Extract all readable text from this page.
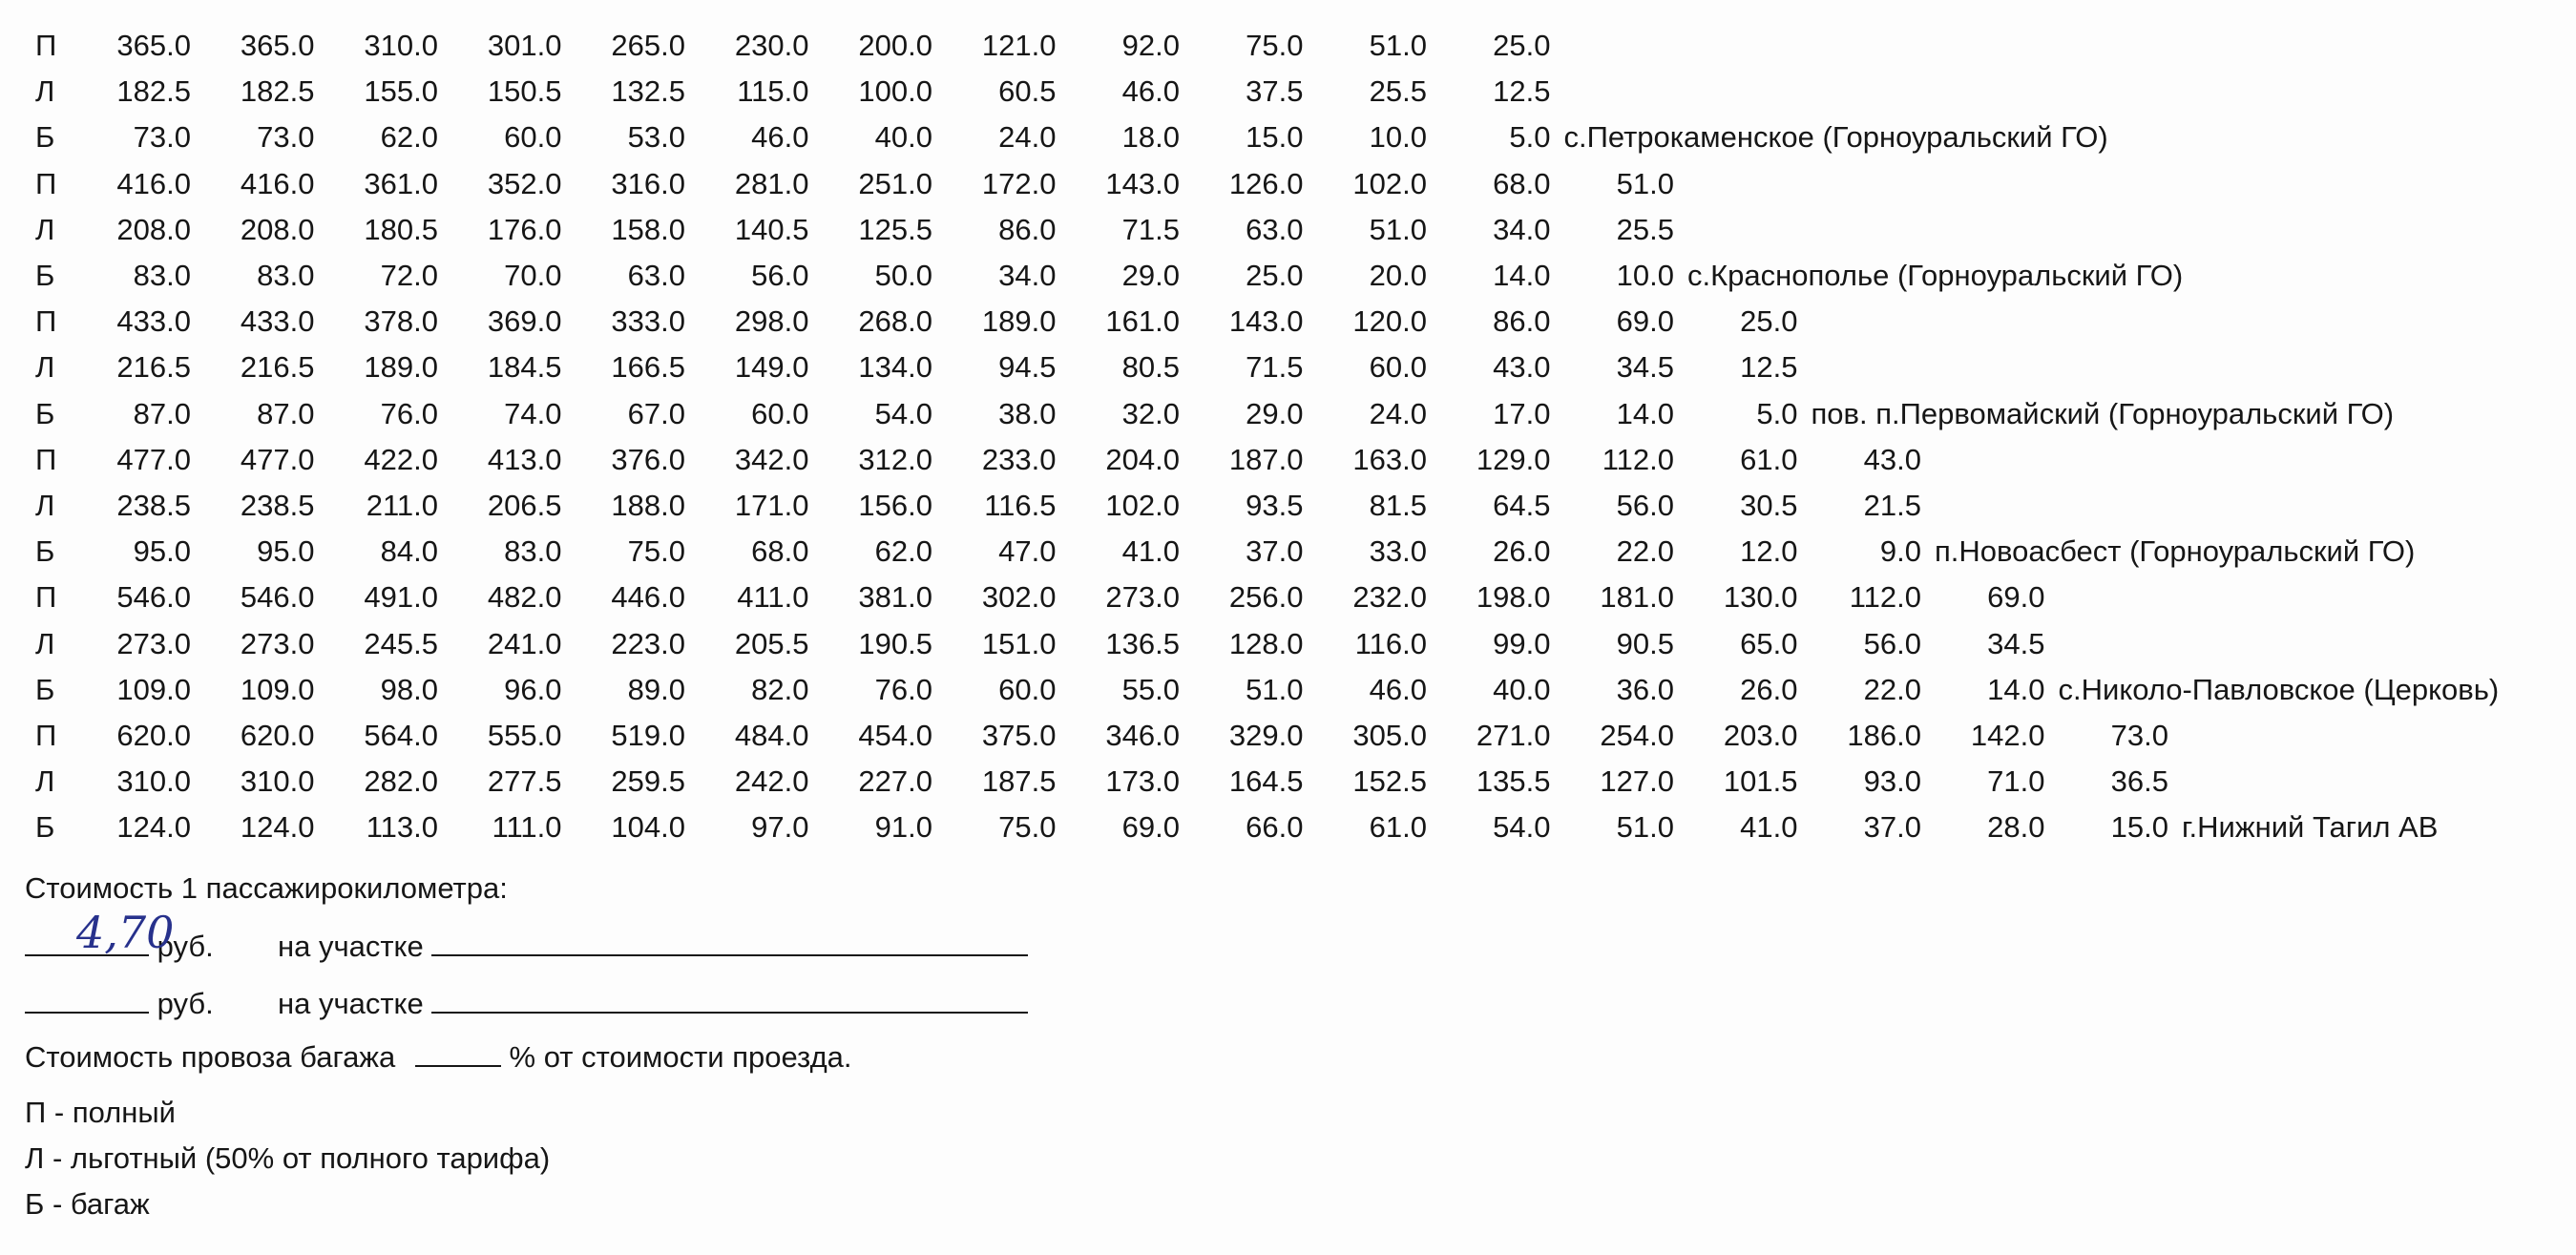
П	365.0	365.0	310.0	301.0	265.0	230.0	200.0	121.0	92.0	75.0	51.0	25.0
Л	182.5	182.5	155.0	150.5	132.5	115.0	100.0	60.5	46.0	37.5	25.5	12.5
Б	73.0	73.0	62.0	60.0	53.0	46.0	40.0	24.0	18.0	15.0	10.0	5.0 с.Петрокаменское (Горноуральский ГО)
П	416.0	416.0	361.0	352.0	316.0	281.0	251.0	172.0	143.0	126.0	102.0	68.0	51.0
Л	208.0	208.0	180.5	176.0	158.0	140.5	125.5	86.0	71.5	63.0	51.0	34.0	25.5
Б	83.0	83.0	72.0	70.0	63.0	56.0	50.0	34.0	29.0	25.0	20.0	14.0	10.0 с.Краснополье (Горноуральский ГО)
П	433.0	433.0	378.0	369.0	333.0	298.0	268.0	189.0	161.0	143.0	120.0	86.0	69.0	25.0
Л	216.5	216.5	189.0	184.5	166.5	149.0	134.0	94.5	80.5	71.5	60.0	43.0	34.5	12.5
Б	87.0	87.0	76.0	74.0	67.0	60.0	54.0	38.0	32.0	29.0	24.0	17.0	14.0	5.0 пов. п.Первомайский (Горноуральский ГО)
П	477.0	477.0	422.0	413.0	376.0	342.0	312.0	233.0	204.0	187.0	163.0	129.0	112.0	61.0	43.0
Л	238.5	238.5	211.0	206.5	188.0	171.0	156.0	116.5	102.0	93.5	81.5	64.5	56.0	30.5	21.5
Б	95.0	95.0	84.0	83.0	75.0	68.0	62.0	47.0	41.0	37.0	33.0	26.0	22.0	12.0	9.0 п.Новоасбест (Горноуральский ГО)
П	546.0	546.0	491.0	482.0	446.0	411.0	381.0	302.0	273.0	256.0	232.0	198.0	181.0	130.0	112.0	69.0
Л	273.0	273.0	245.5	241.0	223.0	205.5	190.5	151.0	136.5	128.0	116.0	99.0	90.5	65.0	56.0	34.5
Б	109.0	109.0	98.0	96.0	89.0	82.0	76.0	60.0	55.0	51.0	46.0	40.0	36.0	26.0	22.0	14.0 с.Николо-Павловское (Церковь)
П	620.0	620.0	564.0	555.0	519.0	484.0	454.0	375.0	346.0	329.0	305.0	271.0	254.0	203.0	186.0	142.0	73.0
Л	310.0	310.0	282.0	277.5	259.5	242.0	227.0	187.5	173.0	164.5	152.5	135.5	127.0	101.5	93.0	71.0	36.5
Б	124.0	124.0	113.0	111.0	104.0	97.0	91.0	75.0	69.0	66.0	61.0	54.0	51.0	41.0	37.0	28.0	15.0 г.Нижний Тагил АВ
Стоимость 1 пассажирокилометра:
руб. на участке
4,70
руб. на участке
Стоимость провоза багажа	% от стоимости проезда.
П - полный
Л - льготный (50% от полного тарифа)
Б - багаж
